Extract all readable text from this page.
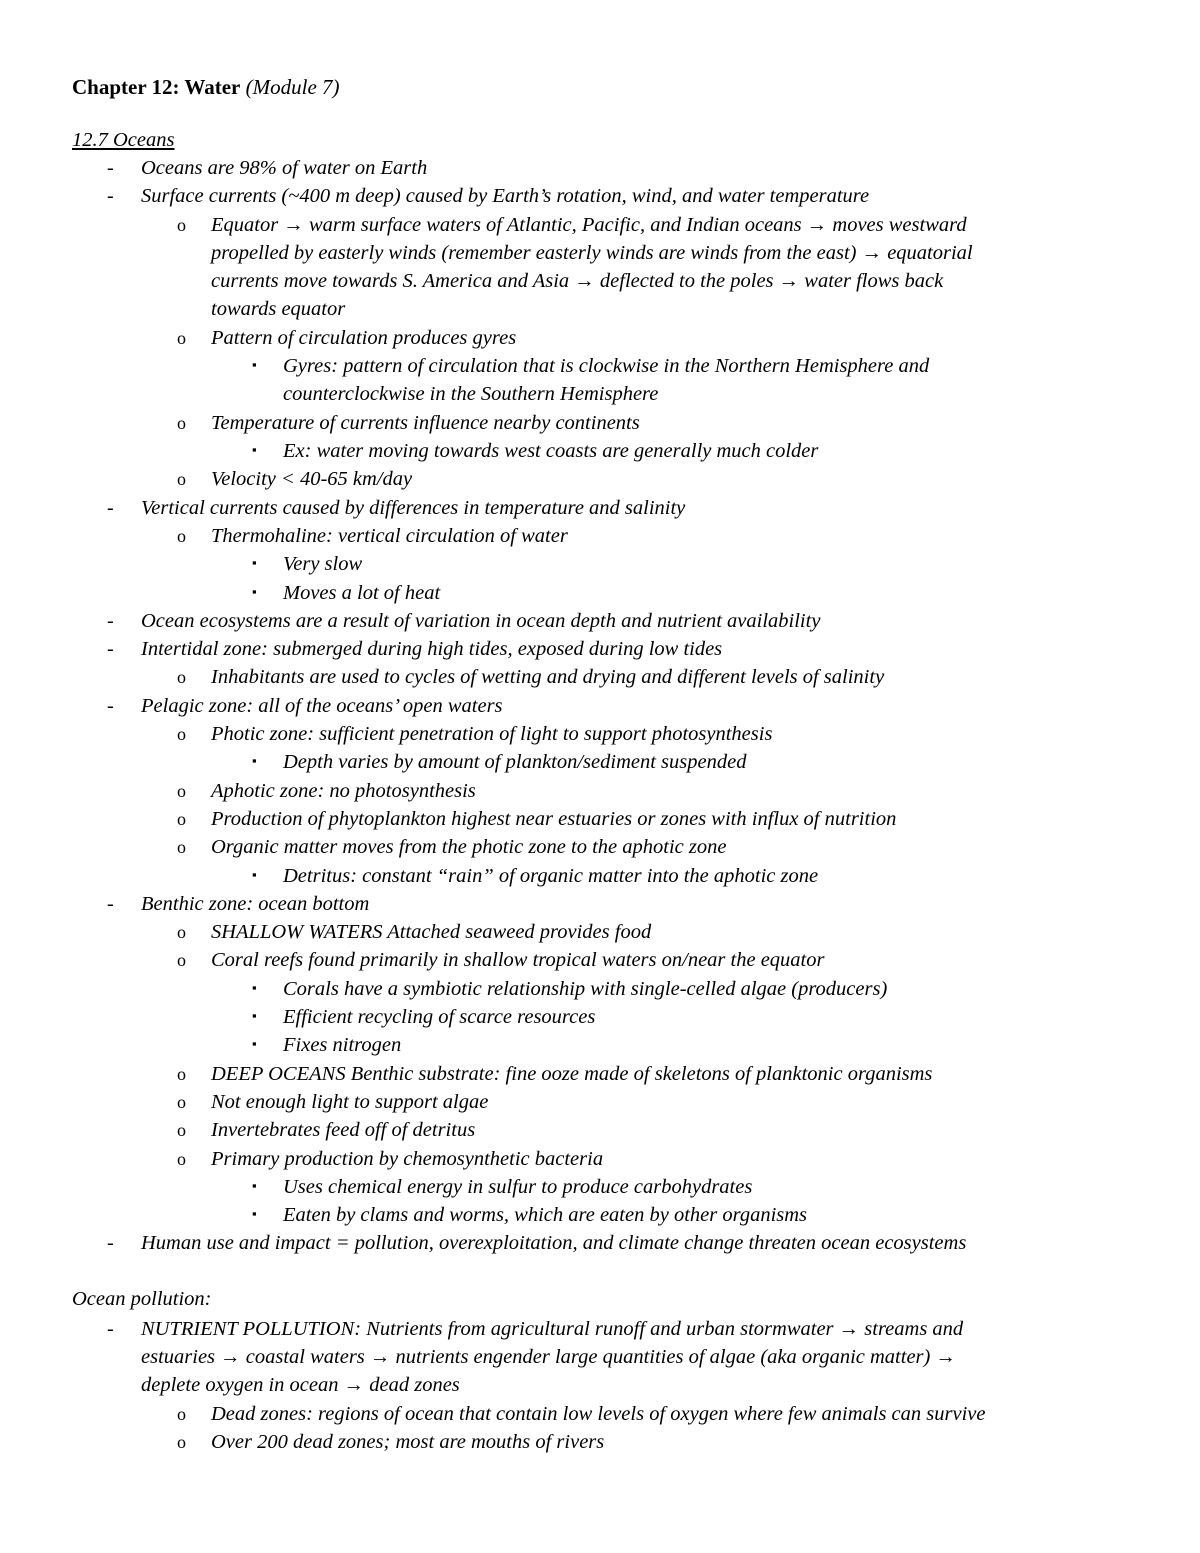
Chapter 12: Water (Module 7)
12.7 Oceans
- Oceans are 98% of water on Earth
- Surface currents (~400 m deep) caused by Earth’s rotation, wind, and water temperature
o Equator → warm surface waters of Atlantic, Pacific, and Indian oceans → moves westward
propelled by easterly winds (remember easterly winds are winds from the east) → equatorial
currents move towards S. America and Asia → deflected to the poles → water flows back
towards equator
o Pattern of circulation produces gyres
▪ Gyres: pattern of circulation that is clockwise in the Northern Hemisphere and
counterclockwise in the Southern Hemisphere
o Temperature of currents influence nearby continents
▪ Ex: water moving towards west coasts are generally much colder
o Velocity < 40-65 km/day
- Vertical currents caused by differences in temperature and salinity
o Thermohaline: vertical circulation of water
▪ Very slow
▪ Moves a lot of heat
- Ocean ecosystems are a result of variation in ocean depth and nutrient availability
- Intertidal zone: submerged during high tides, exposed during low tides
o Inhabitants are used to cycles of wetting and drying and different levels of salinity
- Pelagic zone: all of the oceans’ open waters
o Photic zone: sufficient penetration of light to support photosynthesis
▪ Depth varies by amount of plankton/sediment suspended
o Aphotic zone: no photosynthesis
o Production of phytoplankton highest near estuaries or zones with influx of nutrition
o Organic matter moves from the photic zone to the aphotic zone
▪ Detritus: constant “rain” of organic matter into the aphotic zone
- Benthic zone: ocean bottom
o SHALLOW WATERS Attached seaweed provides food
o Coral reefs found primarily in shallow tropical waters on/near the equator
▪ Corals have a symbiotic relationship with single-celled algae (producers)
▪ Efficient recycling of scarce resources
▪ Fixes nitrogen
o DEEP OCEANS Benthic substrate: fine ooze made of skeletons of planktonic organisms
o Not enough light to support algae
o Invertebrates feed off of detritus
o Primary production by chemosynthetic bacteria
▪ Uses chemical energy in sulfur to produce carbohydrates
▪ Eaten by clams and worms, which are eaten by other organisms
- Human use and impact = pollution, overexploitation, and climate change threaten ocean ecosystems
Ocean pollution:
- NUTRIENT POLLUTION: Nutrients from agricultural runoff and urban stormwater → streams and
estuaries → coastal waters → nutrients engender large quantities of algae (aka organic matter) →
deplete oxygen in ocean → dead zones
o Dead zones: regions of ocean that contain low levels of oxygen where few animals can survive
o Over 200 dead zones; most are mouths of rivers
